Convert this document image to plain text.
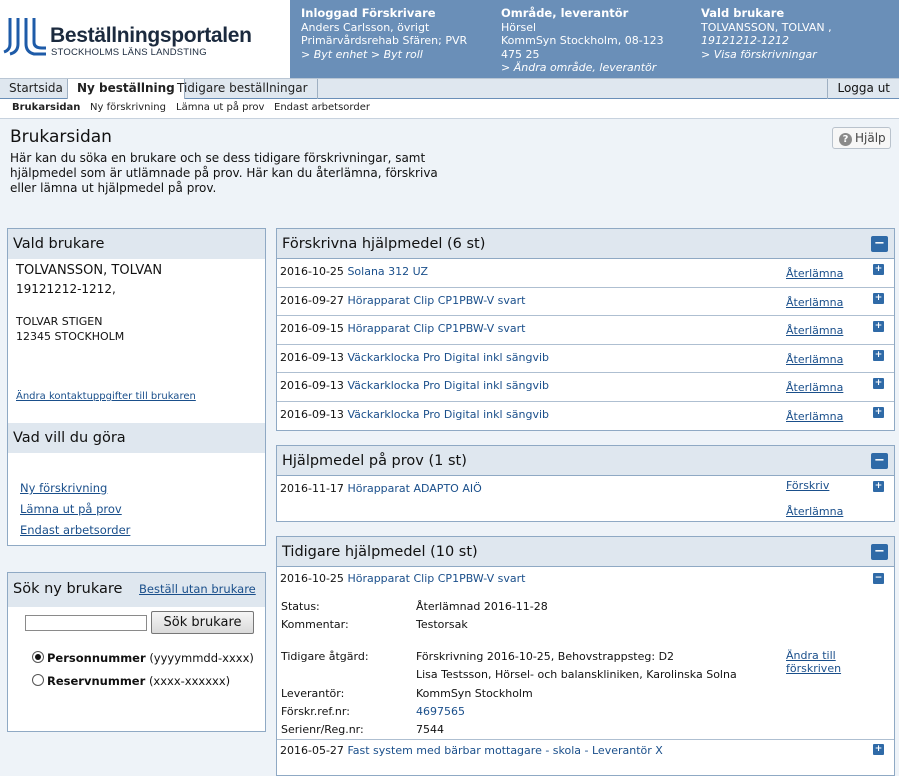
Beställningsportalen
STOCKHOLMS LÄNS LANDSTING
Inloggad Förskrivare
Anders Carlsson, övrigt
Primärvårdsrehab Sfären; PVR
> Byt enhet > Byt roll
Område, leverantör
Hörsel
KommSyn Stockholm, 08-123
475 25
> Ändra område, leverantör
Vald brukare
TOLVANSSON, TOLVAN ,
19121212-1212
> Visa förskrivningar
Startsida	Ny beställning Tidigare beställningar	Logga ut
Brukarsidan Ny förskrivning Lämna ut på prov Endast arbetsorder
Brukarsidan
Här kan du söka en brukare och se dess tidigare förskrivningar, samt hjälpmedel som är utlämnade på prov. Här kan du återlämna, förskriva eller lämna ut hjälpmedel på prov.
? Hjälp
Vald brukare
TOLVANSSON, TOLVAN
19121212-1212,
TOLVAR STIGEN
12345 STOCKHOLM
Ändra kontaktuppgifter till brukaren
Vad vill du göra
Ny förskrivning
Lämna ut på prov
Endast arbetsorder
Sök ny brukare Beställ utan brukare
Sök brukare
Personnummer (yyyymmdd-xxxx)
Reservnummer (xxxx-xxxxxx)
Förskrivna hjälpmedel (6 st)	−
2016-10-25 Solana 312 UZ	Återlämna	+
2016-09-27 Hörapparat Clip CP1PBW-V svart	Återlämna	+
2016-09-15 Hörapparat Clip CP1PBW-V svart	Återlämna	+
2016-09-13 Väckarklocka Pro Digital inkl sängvib	Återlämna	+
2016-09-13 Väckarklocka Pro Digital inkl sängvib	Återlämna	+
2016-09-13 Väckarklocka Pro Digital inkl sängvib	Återlämna	+
Hjälpmedel på prov (1 st)	−
2016-11-17 Hörapparat ADAPTO AIÖ	Förskriv
Återlämna
+
Tidigare hjälpmedel (10 st)	−
2016-10-25 Hörapparat Clip CP1PBW-V svart	−
Status:	Återlämnad 2016-11-28
Kommentar:	Testorsak
Tidigare åtgärd:	Förskrivning 2016-10-25, Behovstrappsteg: D2
Lisa Testsson, Hörsel- och balanskliniken, Karolinska Solna
Ändra till
förskriven
Leverantör:	KommSyn Stockholm
Förskr.ref.nr:	4697565
Serienr/Reg.nr:	7544
2016-05-27 Fast system med bärbar mottagare - skola - Leverantör X	+
